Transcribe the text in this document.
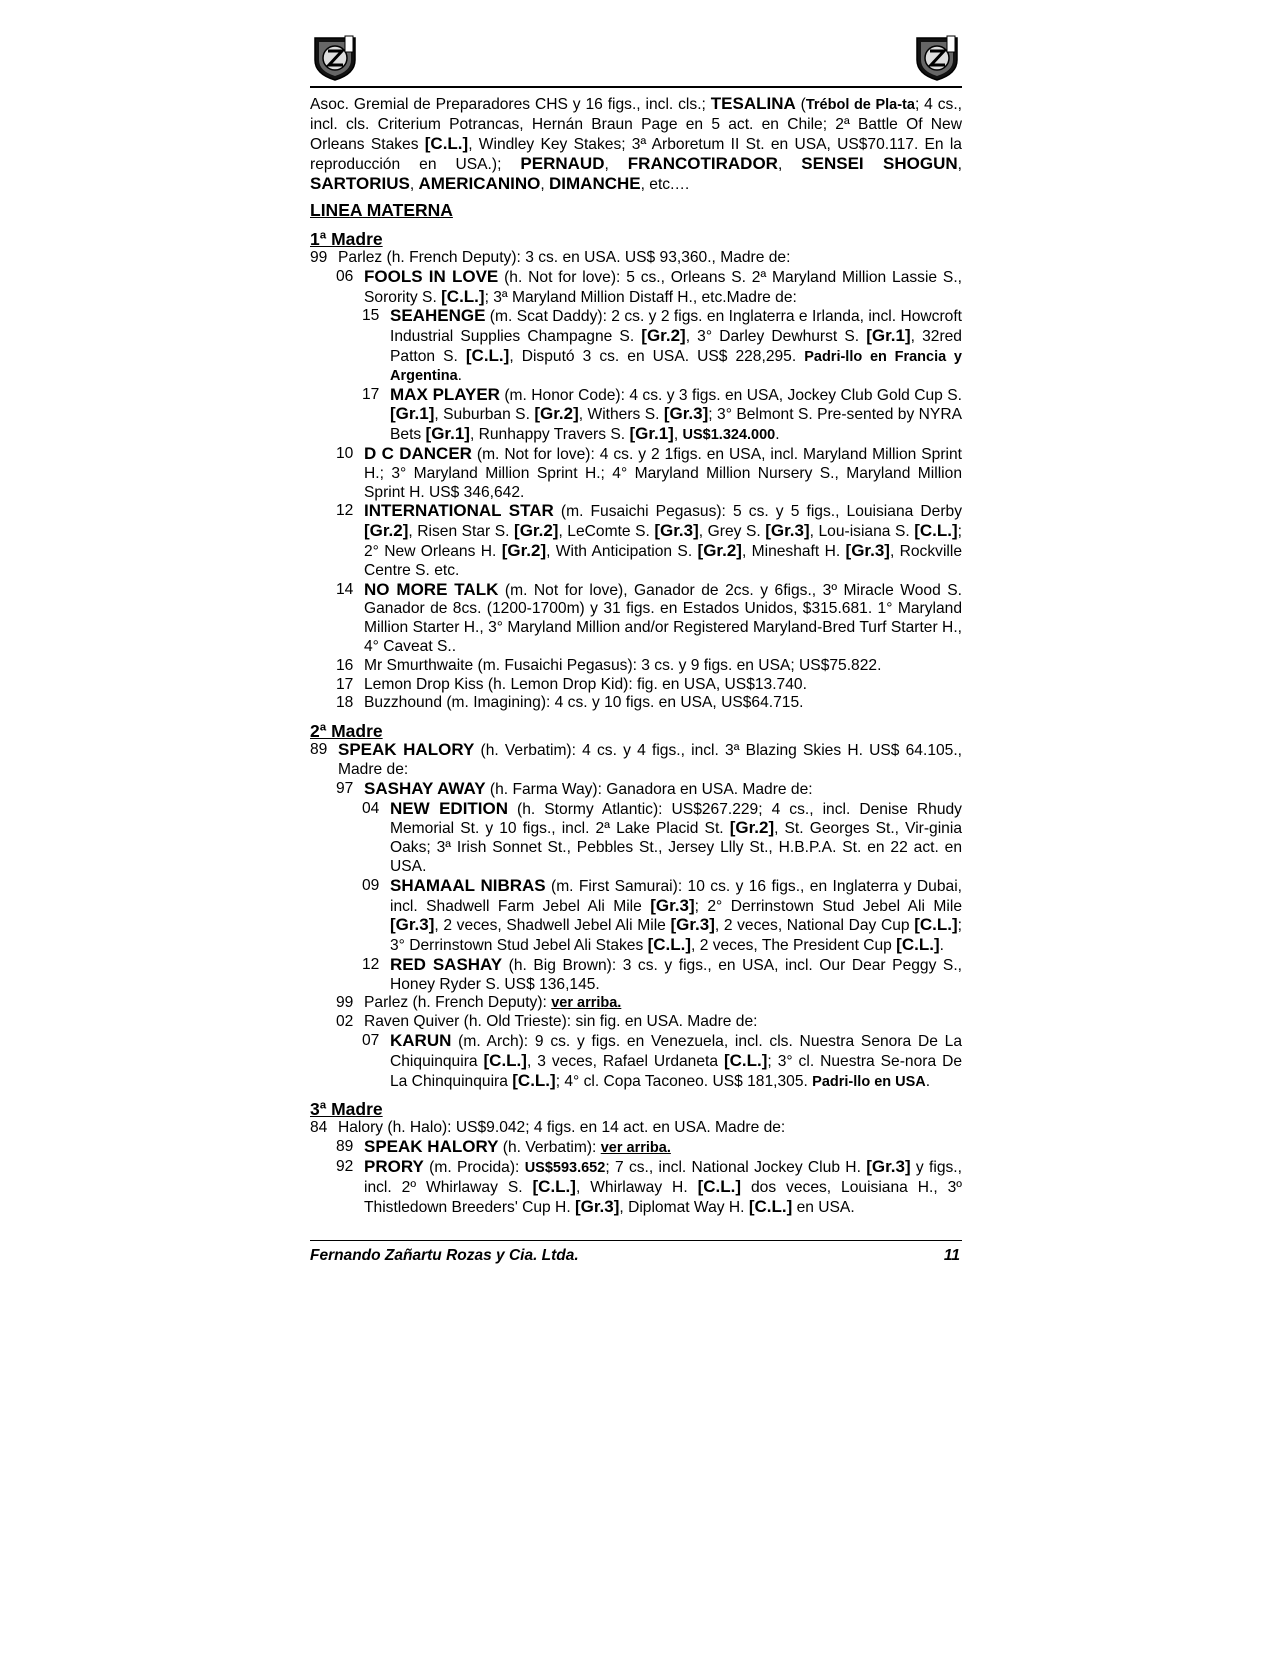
Asoc. Gremial de Preparadores CHS y 16 figs., incl. cls.; TESALINA (Trébol de Pla-ta; 4 cs., incl. cls. Criterium Potrancas, Hernán Braun Page en 5 act. en Chile; 2ª Battle Of New Orleans Stakes [C.L.], Windley Key Stakes; 3ª Arboretum II St. en USA, US$70.117. En la reproducción en USA.); PERNAUD, FRANCOTIRADOR, SENSEI SHOGUN, SARTORIUS, AMERICANINO, DIMANCHE, etc.…
LINEA MATERNA
1ª Madre
99 Parlez (h. French Deputy): 3 cs. en USA. US$ 93,360., Madre de:
06 FOOLS IN LOVE (h. Not for love): 5 cs., Orleans S. 2ª Maryland Million Lassie S., Sorority S. [C.L.]; 3ª Maryland Million Distaff H., etc.Madre de:
15 SEAHENGE (m. Scat Daddy): 2 cs. y 2 figs. en Inglaterra e Irlanda, incl. Howcroft Industrial Supplies Champagne S. [Gr.2], 3° Darley Dewhurst S. [Gr.1], 32red Patton S. [C.L.], Disputó 3 cs. en USA. US$ 228,295. Padri-llo en Francia y Argentina.
17 MAX PLAYER (m. Honor Code): 4 cs. y 3 figs. en USA, Jockey Club Gold Cup S. [Gr.1], Suburban S. [Gr.2], Withers S. [Gr.3]; 3° Belmont S. Pre-sented by NYRA Bets [Gr.1], Runhappy Travers S. [Gr.1], US$1.324.000.
10 D C DANCER (m. Not for love): 4 cs. y 2 1figs. en USA, incl. Maryland Million Sprint H.; 3° Maryland Million Sprint H.; 4° Maryland Million Nursery S., Maryland Million Sprint H. US$ 346,642.
12 INTERNATIONAL STAR (m. Fusaichi Pegasus): 5 cs. y 5 figs., Louisiana Derby [Gr.2], Risen Star S. [Gr.2], LeComte S. [Gr.3], Grey S. [Gr.3], Lou-isiana S. [C.L.]; 2° New Orleans H. [Gr.2], With Anticipation S. [Gr.2], Mineshaft H. [Gr.3], Rockville Centre S. etc.
14 NO MORE TALK (m. Not for love), Ganador de 2cs. y 6figs., 3º Miracle Wood S. Ganador de 8cs. (1200-1700m) y 31 figs. en Estados Unidos, $315.681. 1° Maryland Million Starter H., 3° Maryland Million and/or Registered Maryland-Bred Turf Starter H., 4° Caveat S..
16 Mr Smurthwaite (m. Fusaichi Pegasus): 3 cs. y 9 figs. en USA; US$75.822.
17 Lemon Drop Kiss (h. Lemon Drop Kid): fig. en USA, US$13.740.
18 Buzzhound (m. Imagining): 4 cs. y 10 figs. en USA, US$64.715.
2ª Madre
89 SPEAK HALORY (h. Verbatim): 4 cs. y 4 figs., incl. 3ª Blazing Skies H. US$ 64.105., Madre de:
97 SASHAY AWAY (h. Farma Way): Ganadora en USA. Madre de:
04 NEW EDITION (h. Stormy Atlantic): US$267.229; 4 cs., incl. Denise Rhudy Memorial St. y 10 figs., incl. 2ª Lake Placid St. [Gr.2], St. Georges St., Vir-ginia Oaks; 3ª Irish Sonnet St., Pebbles St., Jersey Llly St., H.B.P.A. St. en 22 act. en USA.
09 SHAMAAL NIBRAS (m. First Samurai): 10 cs. y 16 figs., en Inglaterra y Dubai, incl. Shadwell Farm Jebel Ali Mile [Gr.3]; 2° Derrinstown Stud Jebel Ali Mile [Gr.3], 2 veces, Shadwell Jebel Ali Mile [Gr.3], 2 veces, National Day Cup [C.L.]; 3° Derrinstown Stud Jebel Ali Stakes [C.L.], 2 veces, The President Cup [C.L.].
12 RED SASHAY (h. Big Brown): 3 cs. y figs., en USA, incl. Our Dear Peggy S., Honey Ryder S. US$ 136,145.
99 Parlez (h. French Deputy): ver arriba.
02 Raven Quiver (h. Old Trieste): sin fig. en USA. Madre de:
07 KARUN (m. Arch): 9 cs. y figs. en Venezuela, incl. cls. Nuestra Senora De La Chiquinquira [C.L.], 3 veces, Rafael Urdaneta [C.L.]; 3° cl. Nuestra Se-nora De La Chinquinquira [C.L.]; 4° cl. Copa Taconeo. US$ 181,305. Padri-llo en USA.
3ª Madre
84 Halory (h. Halo): US$9.042; 4 figs. en 14 act. en USA. Madre de:
89 SPEAK HALORY (h. Verbatim): ver arriba.
92 PRORY (m. Procida): US$593.652; 7 cs., incl. National Jockey Club H. [Gr.3] y figs., incl. 2º Whirlaway S. [C.L.], Whirlaway H. [C.L.] dos veces, Louisiana H., 3º Thistledown Breeders' Cup H. [Gr.3], Diplomat Way H. [C.L.] en USA.
Fernando Zañartu Rozas y Cia. Ltda.	11
